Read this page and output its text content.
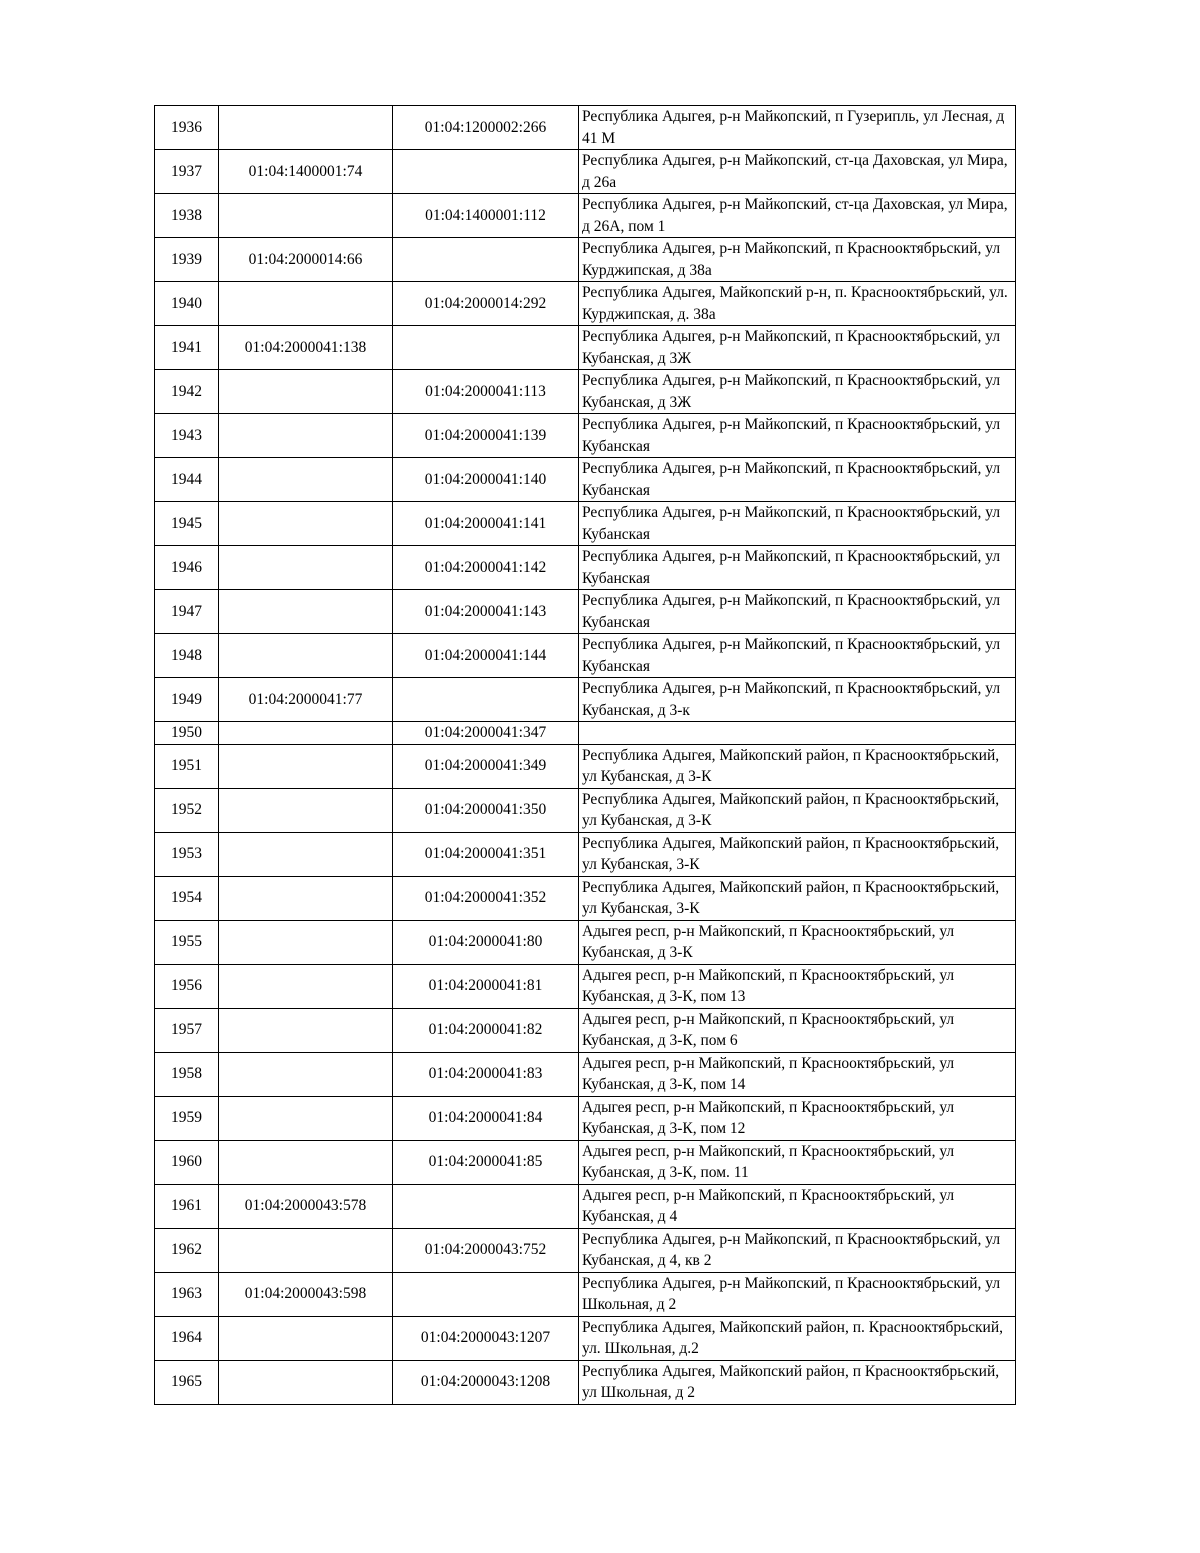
1936		01:04:1200002:266	Республика Адыгея, р-н Майкопский, п Гузерипль, ул Лесная, д 41 М
1937	01:04:1400001:74		Республика Адыгея, р-н Майкопский, ст-ца Даховская, ул Мира, д 26а
1938		01:04:1400001:112	Республика Адыгея, р-н Майкопский, ст-ца Даховская, ул Мира, д 26А, пом 1
1939	01:04:2000014:66		Республика Адыгея, р-н Майкопский, п Краснооктябрьский, ул Курджипская, д 38а
1940		01:04:2000014:292	Республика Адыгея, Майкопский р-н, п. Краснооктябрьский, ул. Курджипская, д. 38а
1941	01:04:2000041:138		Республика Адыгея, р-н Майкопский, п Краснооктябрьский, ул Кубанская, д 3Ж
1942		01:04:2000041:113	Республика Адыгея, р-н Майкопский, п Краснооктябрьский, ул Кубанская, д 3Ж
1943		01:04:2000041:139	Республика Адыгея, р-н Майкопский, п Краснооктябрьский, ул Кубанская
1944		01:04:2000041:140	Республика Адыгея, р-н Майкопский, п Краснооктябрьский, ул Кубанская
1945		01:04:2000041:141	Республика Адыгея, р-н Майкопский, п Краснооктябрьский, ул Кубанская
1946		01:04:2000041:142	Республика Адыгея, р-н Майкопский, п Краснооктябрьский, ул Кубанская
1947		01:04:2000041:143	Республика Адыгея, р-н Майкопский, п Краснооктябрьский, ул Кубанская
1948		01:04:2000041:144	Республика Адыгея, р-н Майкопский, п Краснооктябрьский, ул Кубанская
1949	01:04:2000041:77		Республика Адыгея, р-н Майкопский, п Краснооктябрьский, ул Кубанская, д 3-к
1950		01:04:2000041:347	
1951		01:04:2000041:349	Республика Адыгея, Майкопский район, п Краснооктябрьский, ул Кубанская, д 3-К
1952		01:04:2000041:350	Республика Адыгея, Майкопский район, п Краснооктябрьский, ул Кубанская, д 3-К
1953		01:04:2000041:351	Республика Адыгея, Майкопский район, п Краснооктябрьский, ул Кубанская, 3-К
1954		01:04:2000041:352	Республика Адыгея, Майкопский район, п Краснооктябрьский, ул Кубанская, 3-К
1955		01:04:2000041:80	Адыгея респ, р-н Майкопский, п Краснооктябрьский, ул Кубанская, д 3-К
1956		01:04:2000041:81	Адыгея респ, р-н Майкопский, п Краснооктябрьский, ул Кубанская, д 3-К, пом 13
1957		01:04:2000041:82	Адыгея респ, р-н Майкопский, п Краснооктябрьский, ул Кубанская, д 3-К, пом 6
1958		01:04:2000041:83	Адыгея респ, р-н Майкопский, п Краснооктябрьский, ул Кубанская, д 3-К, пом 14
1959		01:04:2000041:84	Адыгея респ, р-н Майкопский, п Краснооктябрьский, ул Кубанская, д 3-К, пом 12
1960		01:04:2000041:85	Адыгея респ, р-н Майкопский, п Краснооктябрьский, ул Кубанская, д 3-К, пом. 11
1961	01:04:2000043:578		Адыгея респ, р-н Майкопский, п Краснооктябрьский, ул Кубанская, д 4
1962		01:04:2000043:752	Республика Адыгея, р-н Майкопский, п Краснооктябрьский, ул Кубанская, д 4, кв 2
1963	01:04:2000043:598		Республика Адыгея, р-н Майкопский, п Краснооктябрьский, ул Школьная, д 2
1964		01:04:2000043:1207	Республика Адыгея, Майкопский район, п. Краснооктябрьский, ул. Школьная, д.2
1965		01:04:2000043:1208	Республика Адыгея, Майкопский район, п Краснооктябрьский, ул Школьная, д 2
